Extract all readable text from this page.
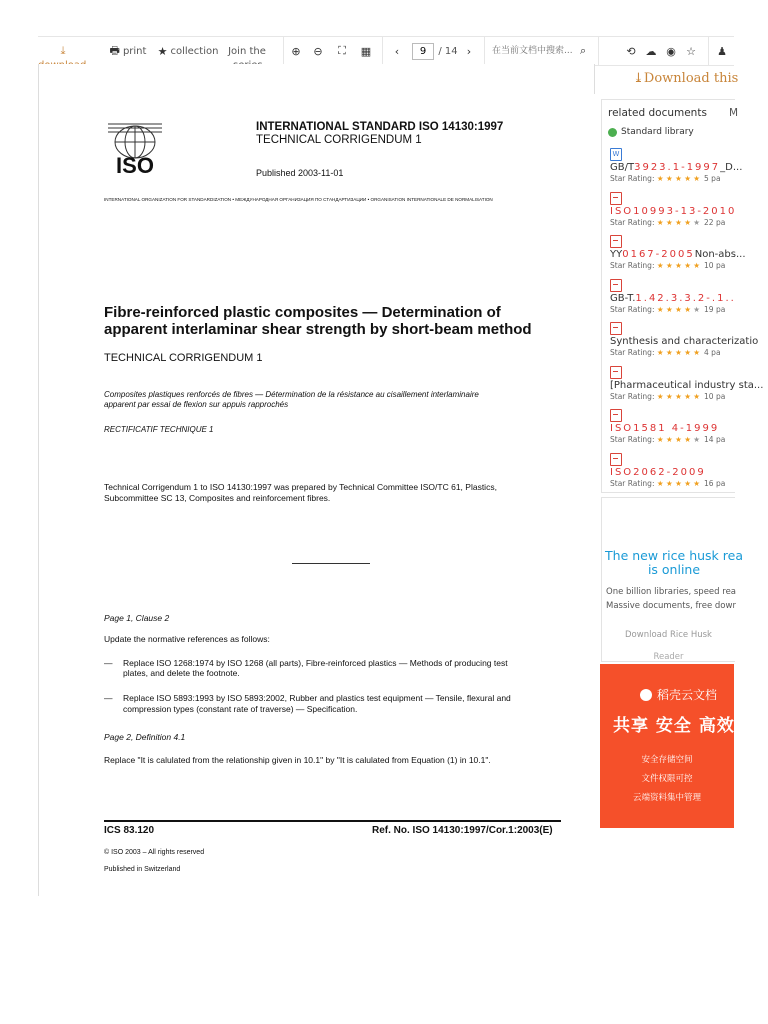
⤓	🖶 print ★ collection Join the ⊕ ⊖ ⛶ ▦ ‹
9	/ 14 ›
在当前文档中搜索...	⌕	⟲ ☁ ◉ ☆ ♟
ISO
INTERNATIONAL STANDARD ISO 14130:1997
TECHNICAL CORRIGENDUM 1
Published 2003-11-01
INTERNATIONAL ORGANIZATION FOR STANDARDIZATION • МЕЖДУНАРОДНАЯ ОРГАНИЗАЦИЯ ПО СТАНДАРТИЗАЦИИ • ORGANISATION INTERNATIONALE DE NORMALISATION
Fibre-reinforced plastic composites — Determination of
apparent interlaminar shear strength by short-beam method
TECHNICAL CORRIGENDUM 1
Composites plastiques renforcés de fibres — Détermination de la résistance au cisaillement interlaminaire
apparent par essai de flexion sur appuis rapprochés
RECTIFICATIF TECHNIQUE 1
Technical Corrigendum 1 to ISO 14130:1997 was prepared by Technical Committee ISO/TC 61, Plastics,
Subcommittee SC 13, Composites and reinforcement fibres.
Page 1, Clause 2
Update the normative references as follows:
— Replace ISO 1268:1974 by ISO 1268 (all parts), Fibre-reinforced plastics — Methods of producing test
plates, and delete the footnote.
— Replace ISO 5893:1993 by ISO 5893:2002, Rubber and plastics test equipment — Tensile, flexural and
compression types (constant rate of traverse) — Specification.
Page 2, Definition 4.1
Replace "It is calulated from the relationship given in 10.1" by "It is calulated from Equation (1) in 10.1".
ICS 83.120	Ref. No. ISO 14130:1997/Cor.1:2003(E)
© ISO 2003 – All rights reserved
Published in Switzerland
⤓Download this
related documents M
Standard library
W
GB/T3923.1-1997_D...
Star Rating: ★ ★ ★ ★ ★ 5 pa
ISO10993-13-2010
Star Rating: ★ ★ ★ ★ ★ 22 pa
YY0167-2005Non-abs...
Star Rating: ★ ★ ★ ★ ★ 10 pa
GB-T.1.42.3.3.2-.1..
Star Rating: ★ ★ ★ ★ ★ 19 pa
Synthesis and characterizatio
Star Rating: ★ ★ ★ ★ ★ 4 pa
[Pharmaceutical industry sta...
Star Rating: ★ ★ ★ ★ ★ 10 pa
ISO1581 4-1999
Star Rating: ★ ★ ★ ★ ★ 14 pa
ISO2062-2009
Star Rating: ★ ★ ★ ★ ★ 16 pa
The new rice husk rea
is online
One billion libraries, speed rea
Massive documents, free dowr
Download Rice Husk
Reader
稻壳云文档
共享 安全 高效
安全存储空间
文件权限可控
云端资料集中管理
